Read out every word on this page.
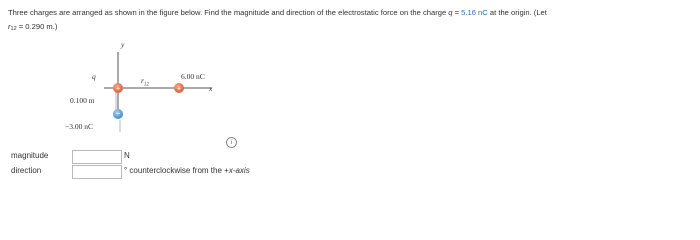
Three charges are arranged as shown in the figure below. Find the magnitude and direction of the electrostatic force on the charge q = 5.16 nC at the origin. (Let
$r_{12} = 0.290$ m.)
+	+
−
y
x
q	$r_{12}$
6.00 nC
0.100 m
−3.00 nC
i
magnitude	N
direction	° counterclockwise from the +x-axis
